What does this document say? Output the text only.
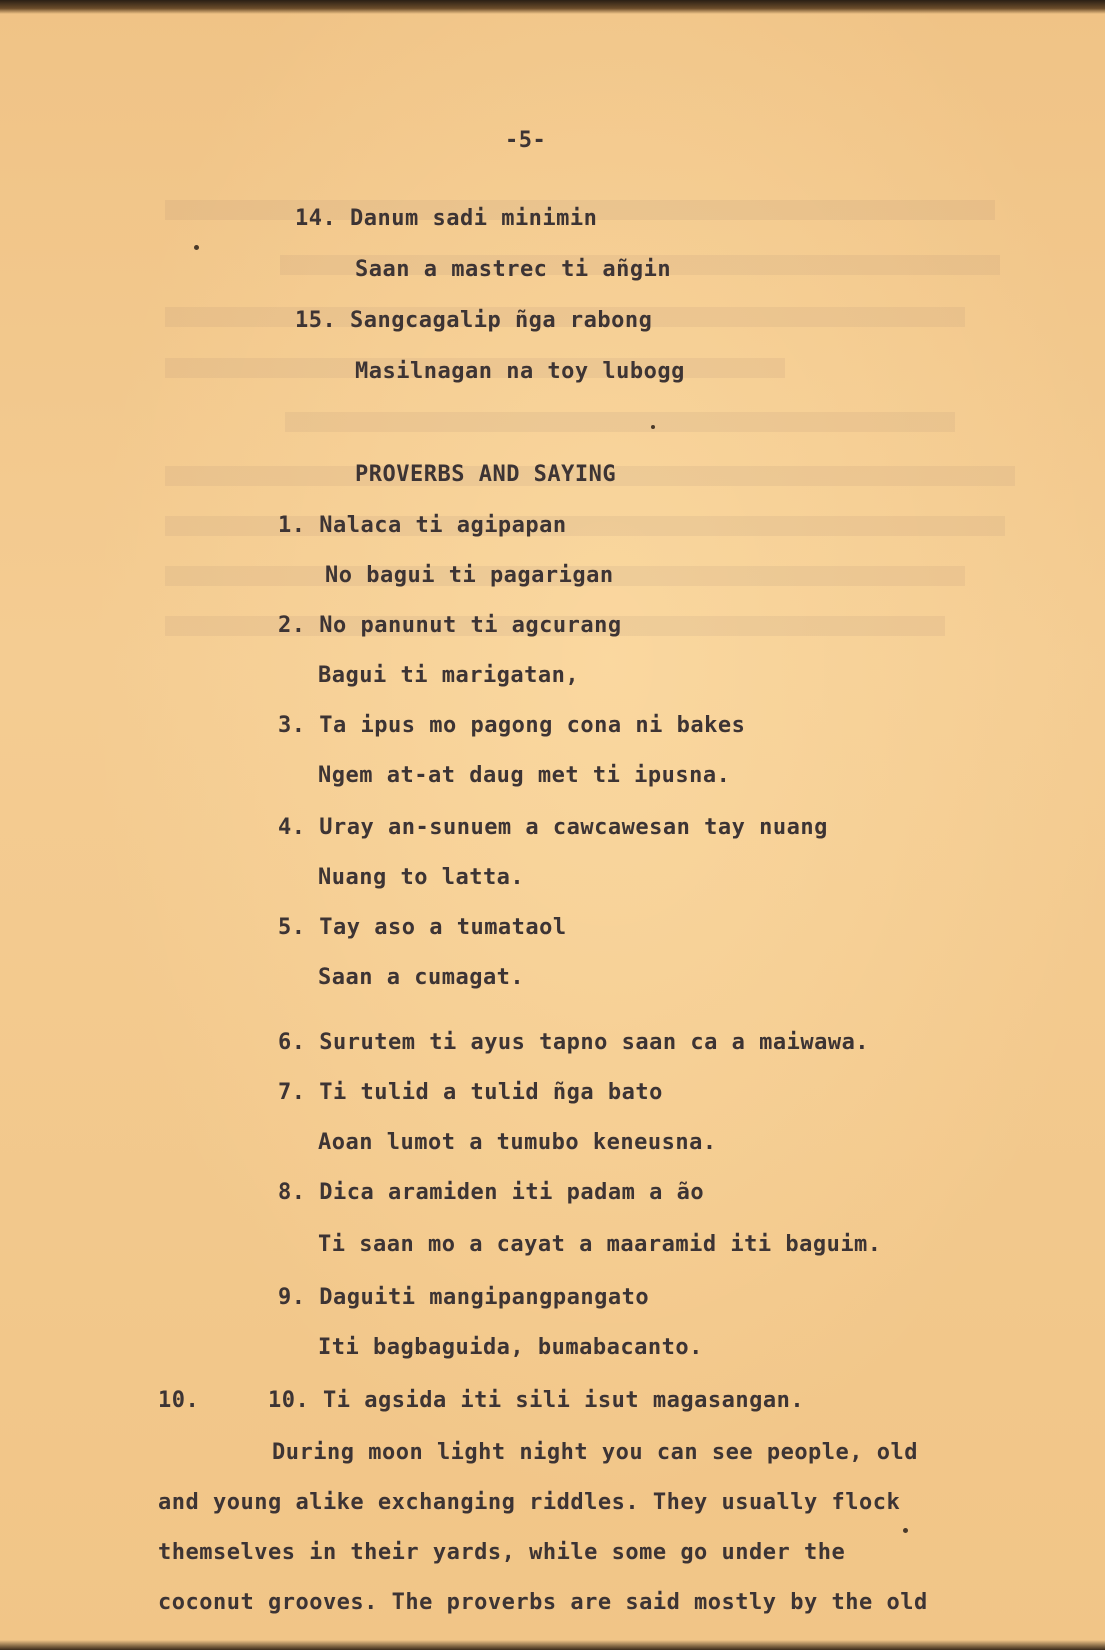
-5-
14. Danum sadi minimin
Saan a mastrec ti añgin
15. Sangcagalip ñga rabong
Masilnagan na toy lubogg
PROVERBS AND SAYING
1. Nalaca ti agipapan
No bagui ti pagarigan
2. No panunut ti agcurang
Bagui ti marigatan,
3. Ta ipus mo pagong cona ni bakes
Ngem at-at daug met ti ipusna.
4. Uray an-sunuem a cawcawesan tay nuang
Nuang to latta.
5. Tay aso a tumataol
Saan a cumagat.
6. Surutem ti ayus tapno saan ca a maiwawa.
7. Ti tulid a tulid ñga bato
Aoan lumot a tumubo kenеusna.
8. Dica aramiden iti padam a ão
Ti saan mo a cayat a maaramid iti baguim.
9. Daguiti mangipangpangato
Iti bagbaguida, bumabacanto.
10.	10. Ti agsida iti sili isut magasangan.
During moon light night you can see people, old
and young alike exchanging riddles. They usually flock
themselves in their yards, while some go under the
coconut grooves. The proverbs are said mostly by the old
